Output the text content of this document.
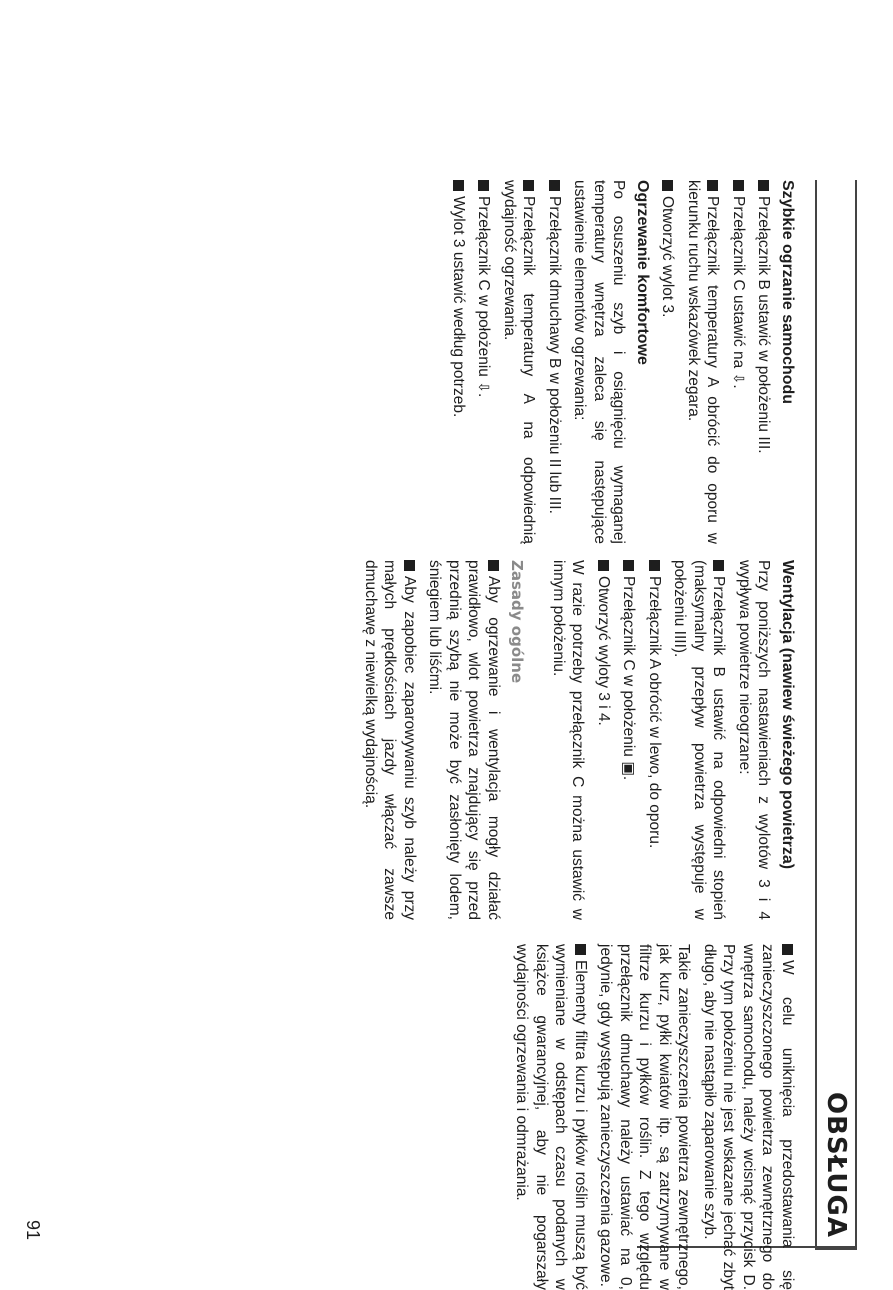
OBSŁUGA
Szybkie ogrzanie samochodu

Przełącznik B ustawić w położeniu III.

Przełącznik C ustawić na ⇩.

Przełącznik temperatury A obrócić do oporu w kierunku ruchu wskazówek zegara.

Otworzyć wylot 3.

Ogrzewanie komfortowe

Po osuszeniu szyb i osiągnięciu wymaganej temperatury wnętrza zaleca się następujące ustawienie elementów ogrzewania:

Przełącznik dmuchawy B w położeniu II lub III.

Przełącznik temperatury A na odpowiednią wydajność ogrzewania.

Przełącznik C w położeniu ⇩.

Wylot 3 ustawić według potrzeb.

Wentylacja (nawiew świeżego powietrza)

Przy poniższych nastawieniach z wylotów 3 i 4 wypływa powietrze nieogrzane:

Przełącznik B ustawić na odpowiedni stopień (maksymalny przepływ powietrza występuje w położeniu IIII).

Przełącznik A obrócić w lewo, do oporu.

Przełącznik C w położeniu ▣.

Otworzyć wyloty 3 i 4.

W razie potrzeby przełącznik C można ustawić w innym położeniu.

Zasady ogólne

Aby ogrzewanie i wentylacja mogły działać prawidłowo, wlot powietrza znajdujący się przed przednią szybą nie może być zasłonięty lodem, śniegiem lub liśćmi.

Aby zapobiec zaparowywaniu szyb należy przy małych prędkościach jazdy włączać zawsze dmuchawę z niewielką wydajnością.

W celu uniknięcia przedostawania się zanieczyszczonego powietrza zewnętrznego do wnętrza samochodu, należy wcisnąć przycisk D. Przy tym położeniu nie jest wskazane jechać zbyt długo, aby nie nastąpiło zaparowanie szyb.

Takie zanieczyszczenia powietrza zewnętrznego, jak kurz, pyłki kwiatów itp. są zatrzymywane w filtrze kurzu i pyłków roślin. Z tego względu przełącznik dmuchawy należy ustawiać na 0, jedynie, gdy występują zanieczyszczenia gazowe.

Elementy filtra kurzu i pyłków roślin muszą być wymieniane w odstępach czasu podanych w książce gwarancyjnej, aby nie pogarszały wydajności ogrzewania i odmrażania.

91
